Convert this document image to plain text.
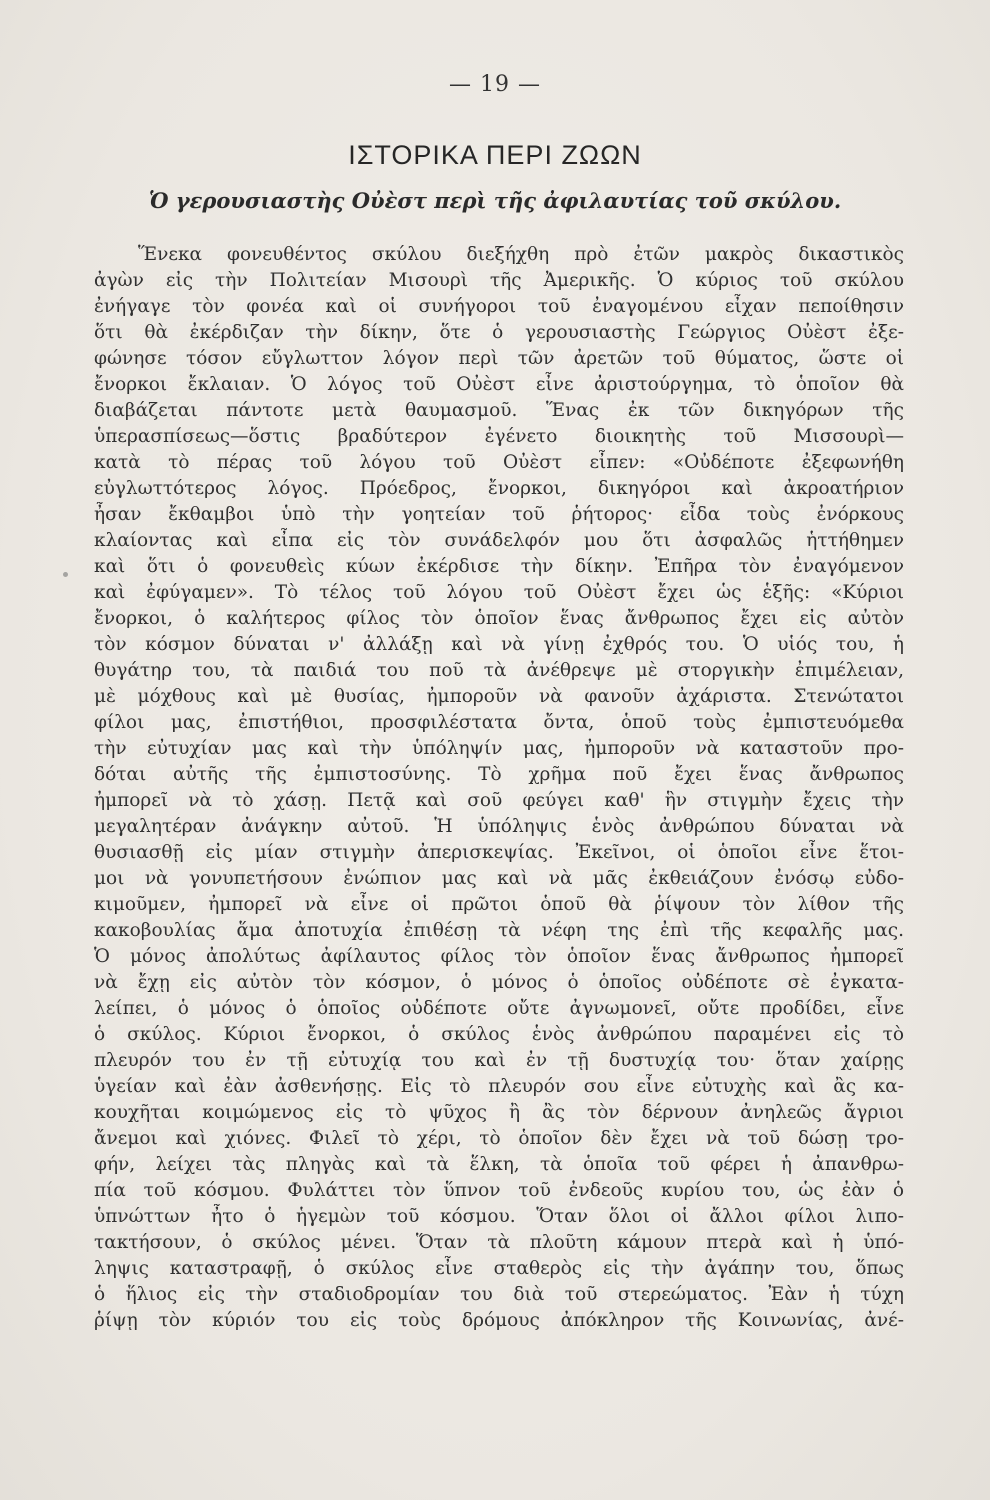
— 19 —
ΙΣΤΟΡΙΚΑ ΠΕΡΙ ΖΩΩΝ
Ὁ γερουσιαστὴς Οὐὲστ περὶ τῆς ἀφιλαυτίας τοῦ σκύλου.
Ἕνεκα φονευθέντος σκύλου διεξήχθη πρὸ ἐτῶν μακρὸς δικαστικὸς
ἀγὼν εἰς τὴν Πολιτείαν Μισουρὶ τῆς Ἀμερικῆς. Ὁ κύριος τοῦ σκύλου
ἐνήγαγε τὸν φονέα καὶ οἱ συνήγοροι τοῦ ἐναγομένου εἶχαν πεποίθησιν
ὅτι θὰ ἐκέρδιζαν τὴν δίκην, ὅτε ὁ γερουσιαστὴς Γεώργιος Οὐὲστ ἐξε-
φώνησε τόσον εὔγλωττον λόγον περὶ τῶν ἀρετῶν τοῦ θύματος, ὥστε οἱ
ἔνορκοι ἔκλαιαν. Ὁ λόγος τοῦ Οὐὲστ εἶνε ἀριστούργημα, τὸ ὁποῖον θὰ
διαβάζεται πάντοτε μετὰ θαυμασμοῦ. Ἕνας ἐκ τῶν δικηγόρων τῆς
ὑπερασπίσεως—ὅστις βραδύτερον ἐγένετο διοικητὴς τοῦ Μισσουρὶ—
κατὰ τὸ πέρας τοῦ λόγου τοῦ Οὐὲστ εἶπεν: «Οὐδέποτε ἐξεφωνήθη
εὐγλωττότερος λόγος. Πρόεδρος, ἔνορκοι, δικηγόροι καὶ ἀκροατήριον
ἦσαν ἔκθαμβοι ὑπὸ τὴν γοητείαν τοῦ ῥήτορος· εἶδα τοὺς ἐνόρκους
κλαίοντας καὶ εἶπα εἰς τὸν συνάδελφόν μου ὅτι ἀσφαλῶς ἡττήθημεν
καὶ ὅτι ὁ φονευθεὶς κύων ἐκέρδισε τὴν δίκην. Ἐπῆρα τὸν ἐναγόμενον
καὶ ἐφύγαμεν». Τὸ τέλος τοῦ λόγου τοῦ Οὐὲστ ἔχει ὡς ἑξῆς: «Κύριοι
ἔνορκοι, ὁ καλήτερος φίλος τὸν ὁποῖον ἕνας ἄνθρωπος ἔχει εἰς αὐτὸν
τὸν κόσμον δύναται ν' ἀλλάξῃ καὶ νὰ γίνῃ ἐχθρός του. Ὁ υἱός του, ἡ
θυγάτηρ του, τὰ παιδιά του ποῦ τὰ ἀνέθρεψε μὲ στοργικὴν ἐπιμέλειαν,
μὲ μόχθους καὶ μὲ θυσίας, ἠμποροῦν νὰ φανοῦν ἀχάριστα. Στενώτατοι
φίλοι μας, ἐπιστήθιοι, προσφιλέστατα ὄντα, ὁποῦ τοὺς ἐμπιστευόμεθα
τὴν εὐτυχίαν μας καὶ τὴν ὑπόληψίν μας, ἠμποροῦν νὰ καταστοῦν προ-
δόται αὐτῆς τῆς ἐμπιστοσύνης. Τὸ χρῆμα ποῦ ἔχει ἕνας ἄνθρωπος
ἠμπορεῖ νὰ τὸ χάσῃ. Πετᾷ καὶ σοῦ φεύγει καθ' ἣν στιγμὴν ἔχεις τὴν
μεγαλητέραν ἀνάγκην αὐτοῦ. Ἡ ὑπόληψις ἑνὸς ἀνθρώπου δύναται νὰ
θυσιασθῇ εἰς μίαν στιγμὴν ἀπερισκεψίας. Ἐκεῖνοι, οἱ ὁποῖοι εἶνε ἕτοι-
μοι νὰ γονυπετήσουν ἐνώπιον μας καὶ νὰ μᾶς ἐκθειάζουν ἐνόσῳ εὐδο-
κιμοῦμεν, ἠμπορεῖ νὰ εἶνε οἱ πρῶτοι ὁποῦ θὰ ῥίψουν τὸν λίθον τῆς
κακοβουλίας ἅμα ἀποτυχία ἐπιθέσῃ τὰ νέφη της ἐπὶ τῆς κεφαλῆς μας.
Ὁ μόνος ἀπολύτως ἀφίλαυτος φίλος τὸν ὁποῖον ἕνας ἄνθρωπος ἠμπορεῖ
νὰ ἔχῃ εἰς αὐτὸν τὸν κόσμον, ὁ μόνος ὁ ὁποῖος οὐδέποτε σὲ ἐγκατα-
λείπει, ὁ μόνος ὁ ὁποῖος οὐδέποτε οὔτε ἀγνωμονεῖ, οὔτε προδίδει, εἶνε
ὁ σκύλος. Κύριοι ἔνορκοι, ὁ σκύλος ἑνὸς ἀνθρώπου παραμένει εἰς τὸ
πλευρόν του ἐν τῇ εὐτυχίᾳ του καὶ ἐν τῇ δυστυχίᾳ του· ὅταν χαίρῃς
ὑγείαν καὶ ἐὰν ἀσθενήσῃς. Εἰς τὸ πλευρόν σου εἶνε εὐτυχὴς καὶ ἂς κα-
κουχῆται κοιμώμενος εἰς τὸ ψῦχος ἢ ἂς τὸν δέρνουν ἀνηλεῶς ἄγριοι
ἄνεμοι καὶ χιόνες. Φιλεῖ τὸ χέρι, τὸ ὁποῖον δὲν ἔχει νὰ τοῦ δώσῃ τρο-
φήν, λείχει τὰς πληγὰς καὶ τὰ ἕλκη, τὰ ὁποῖα τοῦ φέρει ἡ ἀπανθρω-
πία τοῦ κόσμου. Φυλάττει τὸν ὕπνον τοῦ ἐνδεοῦς κυρίου του, ὡς ἐὰν ὁ
ὑπνώττων ἦτο ὁ ἡγεμὼν τοῦ κόσμου. Ὅταν ὅλοι οἱ ἄλλοι φίλοι λιπο-
τακτήσουν, ὁ σκύλος μένει. Ὅταν τὰ πλοῦτη κάμουν πτερὰ καὶ ἡ ὑπό-
ληψις καταστραφῇ, ὁ σκύλος εἶνε σταθερὸς εἰς τὴν ἀγάπην του, ὅπως
ὁ ἥλιος εἰς τὴν σταδιοδρομίαν του διὰ τοῦ στερεώματος. Ἐὰν ἡ τύχη
ῥίψῃ τὸν κύριόν του εἰς τοὺς δρόμους ἀπόκληρον τῆς Κοινωνίας, ἀνέ-
